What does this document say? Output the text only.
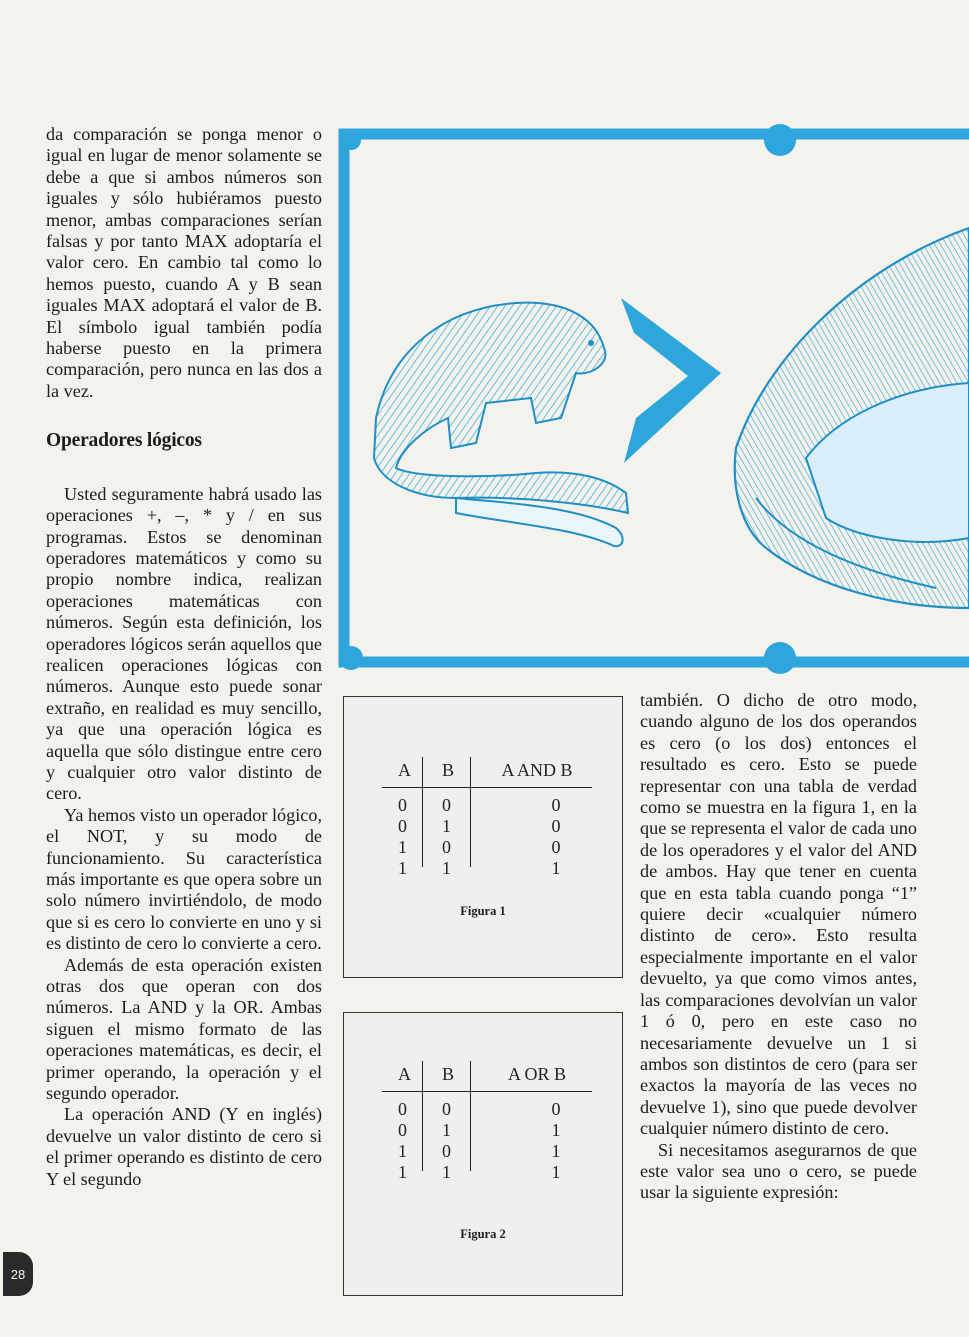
da comparación se ponga menor o igual en lugar de menor solamente se debe a que si ambos números son iguales y sólo hubiéramos puesto menor, ambas comparaciones serían falsas y por tanto MAX adoptaría el valor cero. En cambio tal como lo hemos puesto, cuando A y B sean iguales MAX adoptará el valor de B. El símbolo igual también podía haberse puesto en la primera comparación, pero nunca en las dos a la vez.

Operadores lógicos

Usted seguramente habrá usado las operaciones +, –, * y / en sus programas. Estos se denominan operadores matemáticos y como su propio nombre indica, realizan operaciones matemáticas con números. Según esta definición, los operadores lógicos serán aquellos que realicen operaciones lógicas con números. Aunque esto puede sonar extraño, en realidad es muy sencillo, ya que una operación lógica es aquella que sólo distingue entre cero y cualquier otro valor distinto de cero.

Ya hemos visto un operador lógico, el NOT, y su modo de funcionamiento. Su característica más importante es que opera sobre un solo número invirtiéndolo, de modo que si es cero lo convierte en uno y si es distinto de cero lo convierte a cero.

Además de esta operación existen otras dos que operan con dos números. La AND y la OR. Ambas siguen el mismo formato de las operaciones matemáticas, es decir, el primer operando, la operación y el segundo operador.

La operación AND (Y en inglés) devuelve un valor distinto de cero si el primer operando es distinto de cero Y el segundo

A B	A AND B
0 0	0
0 1	0
1 0	0
1 1	1
Figura 1
A B	A OR B
0 0	0
0 1	1
1 0	1
1 1	1
Figura 2

también. O dicho de otro modo, cuando alguno de los dos operandos es cero (o los dos) entonces el resultado es cero. Esto se puede representar con una tabla de verdad como se muestra en la figura 1, en la que se representa el valor de cada uno de los operadores y el valor del AND de ambos. Hay que tener en cuenta que en esta tabla cuando ponga “1” quiere decir «cualquier número distinto de cero». Esto resulta especialmente importante en el valor devuelto, ya que como vimos antes, las comparaciones devolvían un valor 1 ó 0, pero en este caso no necesariamente devuelve un 1 si ambos son distintos de cero (para ser exactos la mayoría de las veces no devuelve 1), sino que puede devolver cualquier número distinto de cero.

Si necesitamos asegurarnos de que este valor sea uno o cero, se puede usar la siguiente expresión:

28
